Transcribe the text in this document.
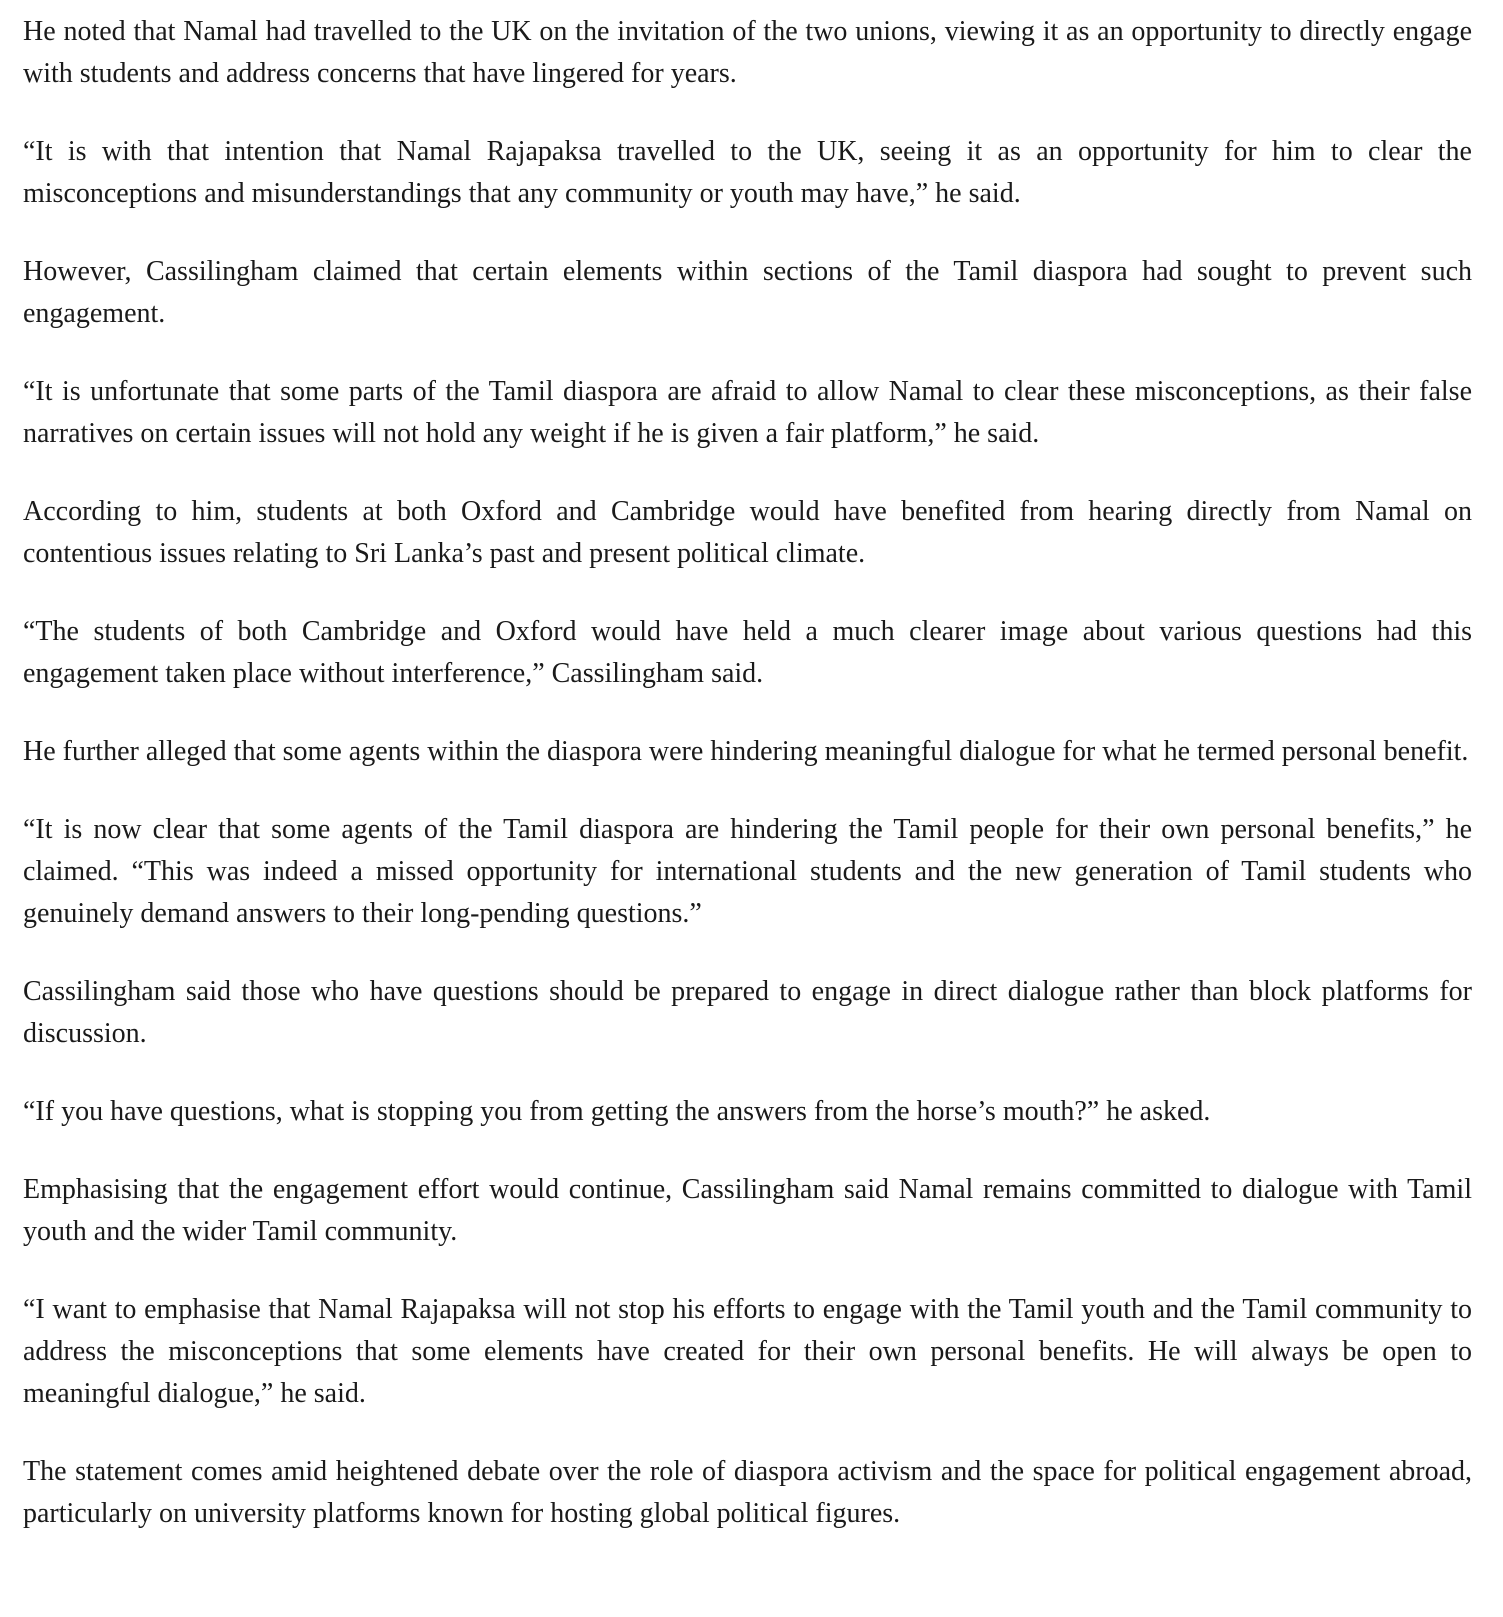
He noted that Namal had travelled to the UK on the invitation of the two unions, viewing it as an opportunity to directly engage with students and address concerns that have lingered for years.

“It is with that intention that Namal Rajapaksa travelled to the UK, seeing it as an opportunity for him to clear the misconceptions and misunderstandings that any community or youth may have,” he said.

However, Cassilingham claimed that certain elements within sections of the Tamil diaspora had sought to prevent such engagement.

“It is unfortunate that some parts of the Tamil diaspora are afraid to allow Namal to clear these misconceptions, as their false narratives on certain issues will not hold any weight if he is given a fair platform,” he said.

According to him, students at both Oxford and Cambridge would have benefited from hearing directly from Namal on contentious issues relating to Sri Lanka’s past and present political climate.

“The students of both Cambridge and Oxford would have held a much clearer image about various questions had this engagement taken place without interference,” Cassilingham said.

He further alleged that some agents within the diaspora were hindering meaningful dialogue for what he termed personal benefit.

“It is now clear that some agents of the Tamil diaspora are hindering the Tamil people for their own personal benefits,” he claimed. “This was indeed a missed opportunity for international students and the new generation of Tamil students who genuinely demand answers to their long-pending questions.”

Cassilingham said those who have questions should be prepared to engage in direct dialogue rather than block platforms for discussion.

“If you have questions, what is stopping you from getting the answers from the horse’s mouth?” he asked.

Emphasising that the engagement effort would continue, Cassilingham said Namal remains committed to dialogue with Tamil youth and the wider Tamil community.

“I want to emphasise that Namal Rajapaksa will not stop his efforts to engage with the Tamil youth and the Tamil community to address the misconceptions that some elements have created for their own personal benefits. He will always be open to meaningful dialogue,” he said.

The statement comes amid heightened debate over the role of diaspora activism and the space for political engagement abroad, particularly on university platforms known for hosting global political figures.
